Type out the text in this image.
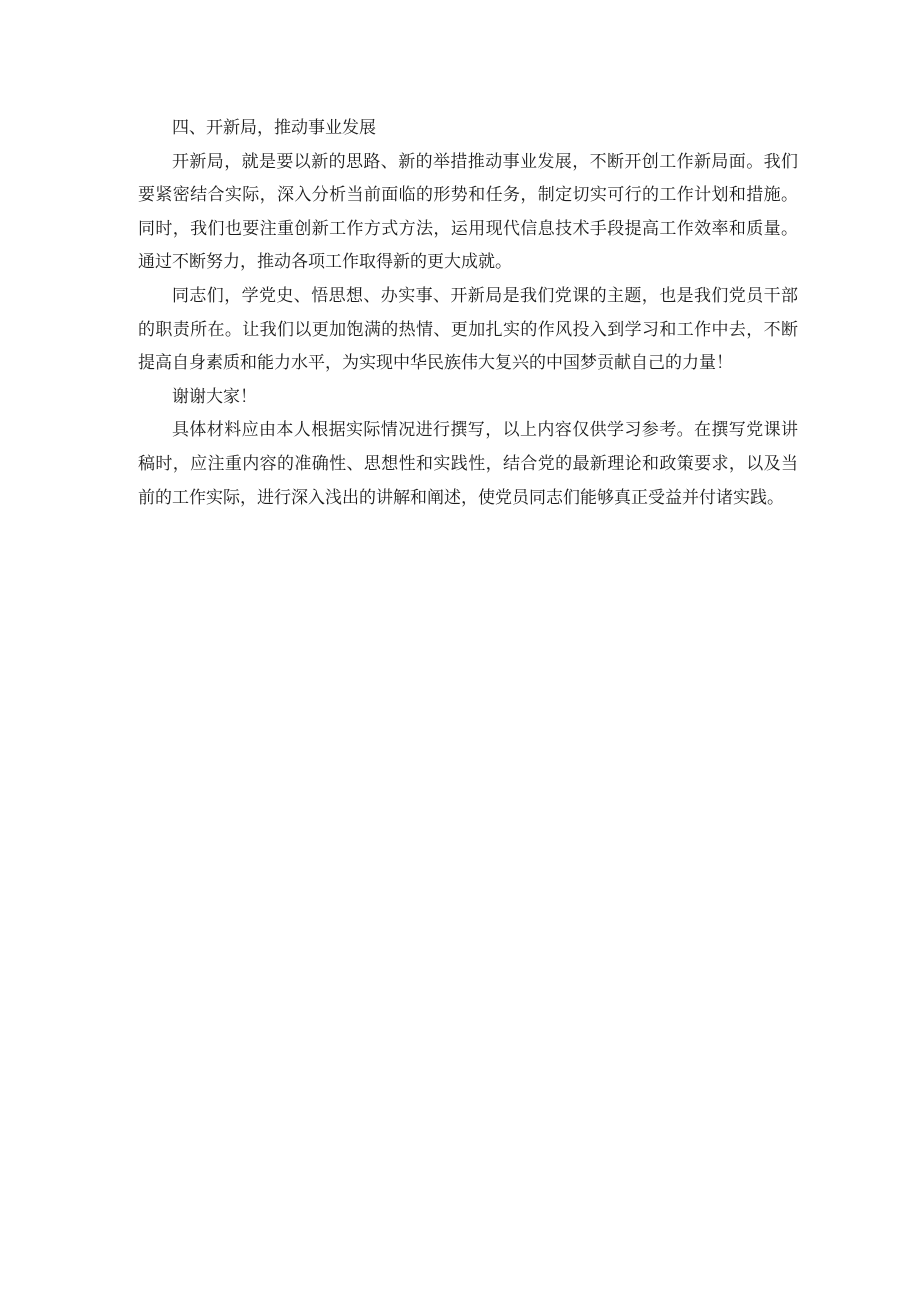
四、开新局，推动事业发展

开新局，就是要以新的思路、新的举措推动事业发展，不断开创工作新局面。我们要紧密结合实际，深入分析当前面临的形势和任务，制定切实可行的工作计划和措施。同时，我们也要注重创新工作方式方法，运用现代信息技术手段提高工作效率和质量。通过不断努力，推动各项工作取得新的更大成就。

同志们，学党史、悟思想、办实事、开新局是我们党课的主题，也是我们党员干部的职责所在。让我们以更加饱满的热情、更加扎实的作风投入到学习和工作中去，不断提高自身素质和能力水平，为实现中华民族伟大复兴的中国梦贡献自己的力量！

谢谢大家！

具体材料应由本人根据实际情况进行撰写，以上内容仅供学习参考。在撰写党课讲稿时，应注重内容的准确性、思想性和实践性，结合党的最新理论和政策要求，以及当前的工作实际，进行深入浅出的讲解和阐述，使党员同志们能够真正受益并付诸实践。
